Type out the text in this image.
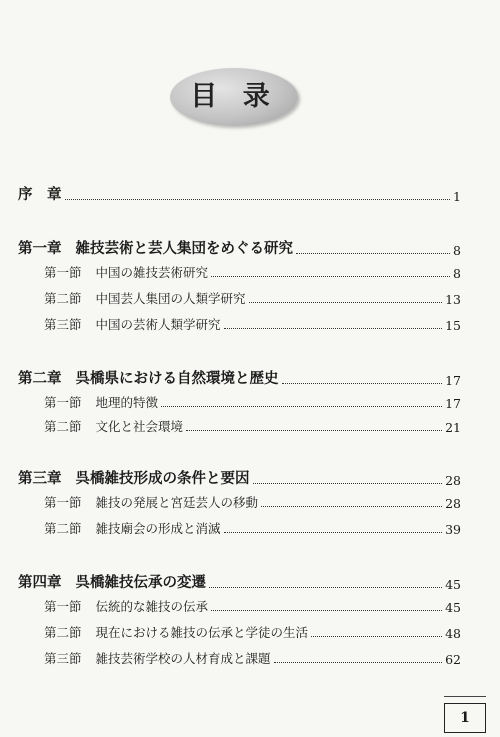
目 录
序　章	1
第一章 雑技芸術と芸人集団をめぐる研究	8
第一節 中国の雑技芸術研究	8
第二節 中国芸人集団の人類学研究	13
第三節 中国の芸術人類学研究	15
第二章 呉橋県における自然環境と歴史	17
第一節 地理的特徴	17
第二節 文化と社会環境	21
第三章 呉橋雑技形成の条件と要因	28
第一節 雑技の発展と宮廷芸人の移動	28
第二節 雑技廟会の形成と消滅	39
第四章 呉橋雑技伝承の変遷	45
第一節 伝統的な雑技の伝承	45
第二節 現在における雑技の伝承と学徒の生活	48
第三節 雑技芸術学校の人材育成と課題	62
1
